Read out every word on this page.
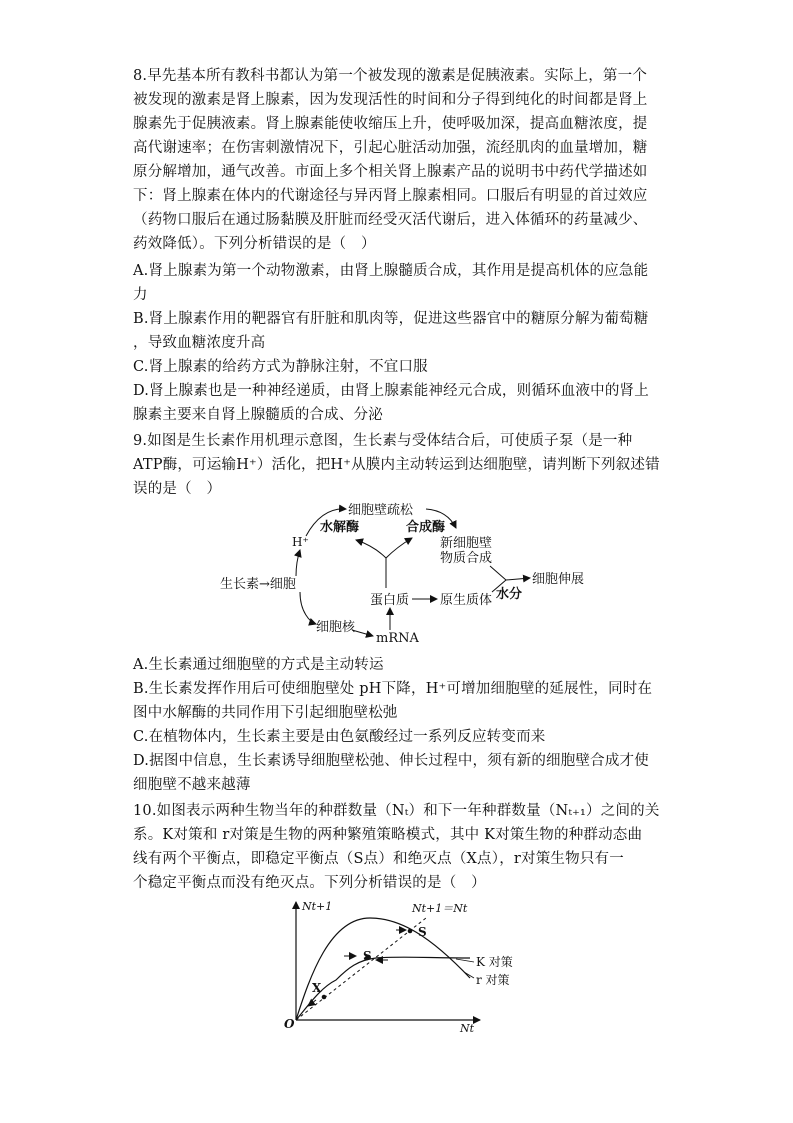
8.早先基本所有教科书都认为第一个被发现的激素是促胰液素。实际上，第一个
被发现的激素是肾上腺素，因为发现活性的时间和分子得到纯化的时间都是肾上
腺素先于促胰液素。肾上腺素能使收缩压上升，使呼吸加深，提高血糖浓度，提
高代谢速率；在伤害刺激情况下，引起心脏活动加强，流经肌肉的血量增加，糖
原分解增加，通气改善。市面上多个相关肾上腺素产品的说明书中药代学描述如
下：肾上腺素在体内的代谢途径与异丙肾上腺素相同。口服后有明显的首过效应
（药物口服后在通过肠黏膜及肝脏而经受灭活代谢后，进入体循环的药量减少、
药效降低）。下列分析错误的是（　）
A.肾上腺素为第一个动物激素，由肾上腺髓质合成，其作用是提高机体的应急能
力
B.肾上腺素作用的靶器官有肝脏和肌肉等，促进这些器官中的糖原分解为葡萄糖
，导致血糖浓度升高
C.肾上腺素的给药方式为静脉注射，不宜口服
D.肾上腺素也是一种神经递质，由肾上腺素能神经元合成，则循环血液中的肾上
腺素主要来自肾上腺髓质的合成、分泌
9.如图是生长素作用机理示意图，生长素与受体结合后，可使质子泵（是一种
ATP酶，可运输H⁺）活化，把H⁺从膜内主动转运到达细胞壁，请判断下列叙述错
误的是（　）
细胞壁疏松
水解酶	合成酶
H⁺	新细胞壁
物质合成
生长素→细胞	细胞伸展
蛋白质 原生质体 水分
细胞核
mRNA
A.生长素通过细胞壁的方式是主动转运
B.生长素发挥作用后可使细胞壁处 pH下降，H⁺可增加细胞壁的延展性，同时在
图中水解酶的共同作用下引起细胞壁松弛
C.在植物体内，生长素主要是由色氨酸经过一系列反应转变而来
D.据图中信息，生长素诱导细胞壁松弛、伸长过程中，须有新的细胞壁合成才使
细胞壁不越来越薄
10.如图表示两种生物当年的种群数量（Nₜ）和下一年种群数量（Nₜ₊₁）之间的关
系。K对策和 r对策是生物的两种繁殖策略模式，其中 K对策生物的种群动态曲
线有两个平衡点，即稳定平衡点（S点）和绝灭点（X点），r对策生物只有一
个稳定平衡点而没有绝灭点。下列分析错误的是（　）
Nt+1
Nt
O
Nt+1＝Nt
X
S
S
K 对策
r 对策
